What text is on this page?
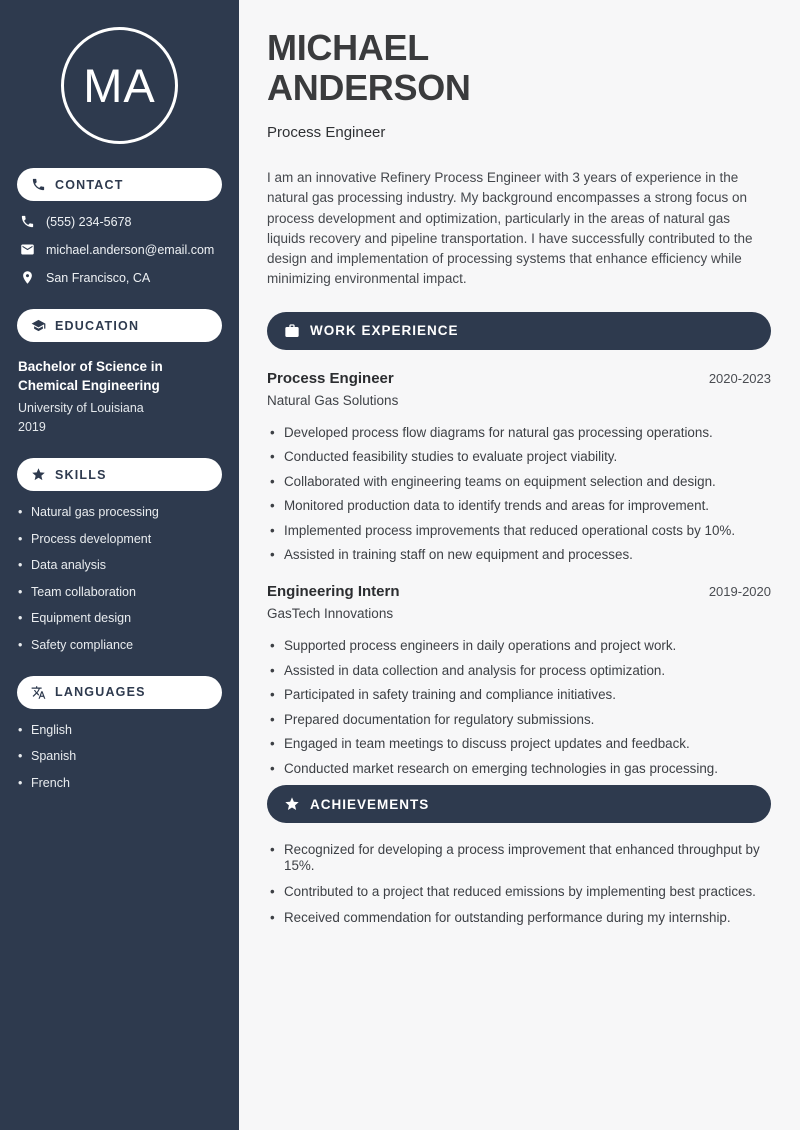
MA
CONTACT
(555) 234-5678
michael.anderson@email.com
San Francisco, CA
EDUCATION
Bachelor of Science in Chemical Engineering
University of Louisiana
2019
SKILLS
• Natural gas processing
• Process development
• Data analysis
• Team collaboration
• Equipment design
• Safety compliance
LANGUAGES
• English
• Spanish
• French
MICHAEL
ANDERSON
Process Engineer

I am an innovative Refinery Process Engineer with 3 years of experience in the natural gas processing industry. My background encompasses a strong focus on process development and optimization, particularly in the areas of natural gas liquids recovery and pipeline transportation. I have successfully contributed to the design and implementation of processing systems that enhance efficiency while minimizing environmental impact.

WORK EXPERIENCE
Process Engineer	2020-2023
Natural Gas Solutions
• Developed process flow diagrams for natural gas processing operations.
• Conducted feasibility studies to evaluate project viability.
• Collaborated with engineering teams on equipment selection and design.
• Monitored production data to identify trends and areas for improvement.
• Implemented process improvements that reduced operational costs by 10%.
• Assisted in training staff on new equipment and processes.
Engineering Intern	2019-2020
GasTech Innovations
• Supported process engineers in daily operations and project work.
• Assisted in data collection and analysis for process optimization.
• Participated in safety training and compliance initiatives.
• Prepared documentation for regulatory submissions.
• Engaged in team meetings to discuss project updates and feedback.
• Conducted market research on emerging technologies in gas processing.
ACHIEVEMENTS
• Recognized for developing a process improvement that enhanced throughput by 15%.
• Contributed to a project that reduced emissions by implementing best practices.
• Received commendation for outstanding performance during my internship.
